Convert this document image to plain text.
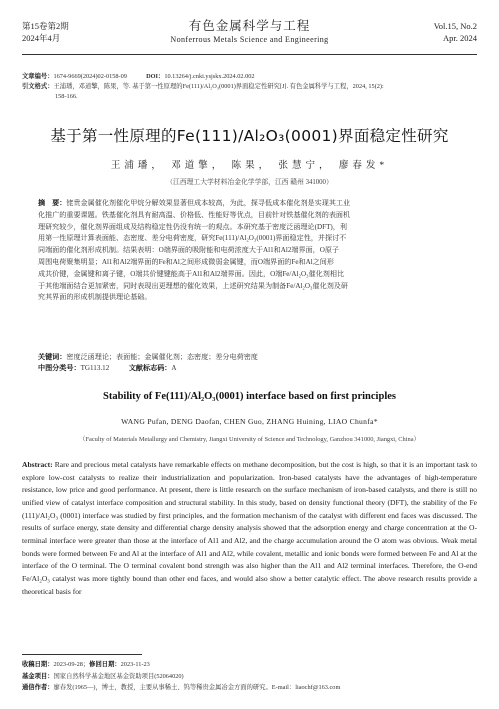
第15卷第2期
2024年4月
有色金属科学与工程
Nonferrous Metals Science and Engineering
Vol.15, No.2
Apr. 2024
文章编号：1674-9669(2024)02-0158-09	DOI：10.13264/j.cnki.ysjskx.2024.02.002
引文格式：王浦璠，邓道擎，陈果，等. 基于第一性原理的Fe(111)/Al₂O₃(0001)界面稳定性研究[J]. 有色金属科学与工程，2024, 15(2):
158-166.
基于第一性原理的Fe(111)/Al₂O₃(0001)界面稳定性研究
王浦璠， 邓道擎， 陈果， 张慧宁， 廖春发*
（江西理工大学材料冶金化学学部，江西 赣州 341000）
摘　要：铑贵金属催化剂催化甲烷分解效果显著但成本较高，为此，探寻低成本催化剂是实现其工业
化推广的重要课题。铁基催化剂具有耐高温、价格低、性能好等优点，目前针对铁基催化剂的表面机
理研究较少，催化剂界面组成及结构稳定性仍没有统一的观点。本研究基于密度泛函理论(DFT)，利
用第一性原理计算表面能、态密度、差分电荷密度，研究Fe(111)/Al₂O₃(0001)界面稳定性，并探讨不
同端面的催化剂形成机制。结果表明：O端界面的吸附能和电荷浓度大于Al1和Al2端界面，O原子
周围电荷聚集明显；Al1和Al2端界面的Fe和Al之间形成微弱金属键，而O端界面的Fe和Al之间形
成共价键，金属键和离子键，O端共价键键能高于Al1和Al2端界面。因此，O端Fe/Al₂O₃催化剂相比
于其他端面结合更加紧密，同时表现出更理想的催化效果，上述研究结果为制备Fe/Al₂O₃催化剂及研
究其界面的形成机制提供理论基础。
关键词：密度泛函理论；表面能；金属催化剂；态密度；差分电荷密度
中图分类号：TG113.12	文献标志码：A
Stability of Fe(111)/Al₂O₃(0001) interface based on first principles
WANG Pufan, DENG Daofan, CHEN Guo, ZHANG Huining, LIAO Chunfa*
（Faculty of Materials Metallurgy and Chemistry, Jiangxi University of Science and Technology, Ganzhou 341000, Jiangxi, China）
Abstract: Rare and precious metal catalysts have remarkable effects on methane decomposition, but the cost is high, so that it is an important task to explore low-cost catalysts to realize their industrialization and popularization. Iron-based catalysts have the advantages of high-temperature resistance, low price and good performance. At present, there is little research on the surface mechanism of iron-based catalysts, and there is still no unified view of catalyst interface composition and structural stability. In this study, based on density functional theory (DFT), the stability of the Fe (111)/Al₂O₃ (0001) interface was studied by first principles, and the formation mechanism of the catalyst with different end faces was discussed. The results of surface energy, state density and differential charge density analysis showed that the adsorption energy and charge concentration at the O-terminal interface were greater than those at the interface of Al1 and Al2, and the charge accumulation around the O atom was obvious. Weak metal bonds were formed between Fe and Al at the interface of Al1 and Al2, while covalent, metallic and ionic bonds were formed between Fe and Al at the interface of the O terminal. The O terminal covalent bond strength was also higher than the Al1 and Al2 terminal interfaces. Therefore, the O-end Fe/Al₂O₃ catalyst was more tightly bound than other end faces, and would also show a better catalytic effect. The above research results provide a theoretical basis for
收稿日期：2023-09-28；修回日期：2023-11-23
基金项目：国家自然科学基金地区基金资助项目(52064020)
通信作者：廖春发(1965—)，博士，教授，主要从事稀土、钨等稀贵金属冶金方面的研究。E-mail：liaochf@163.com
